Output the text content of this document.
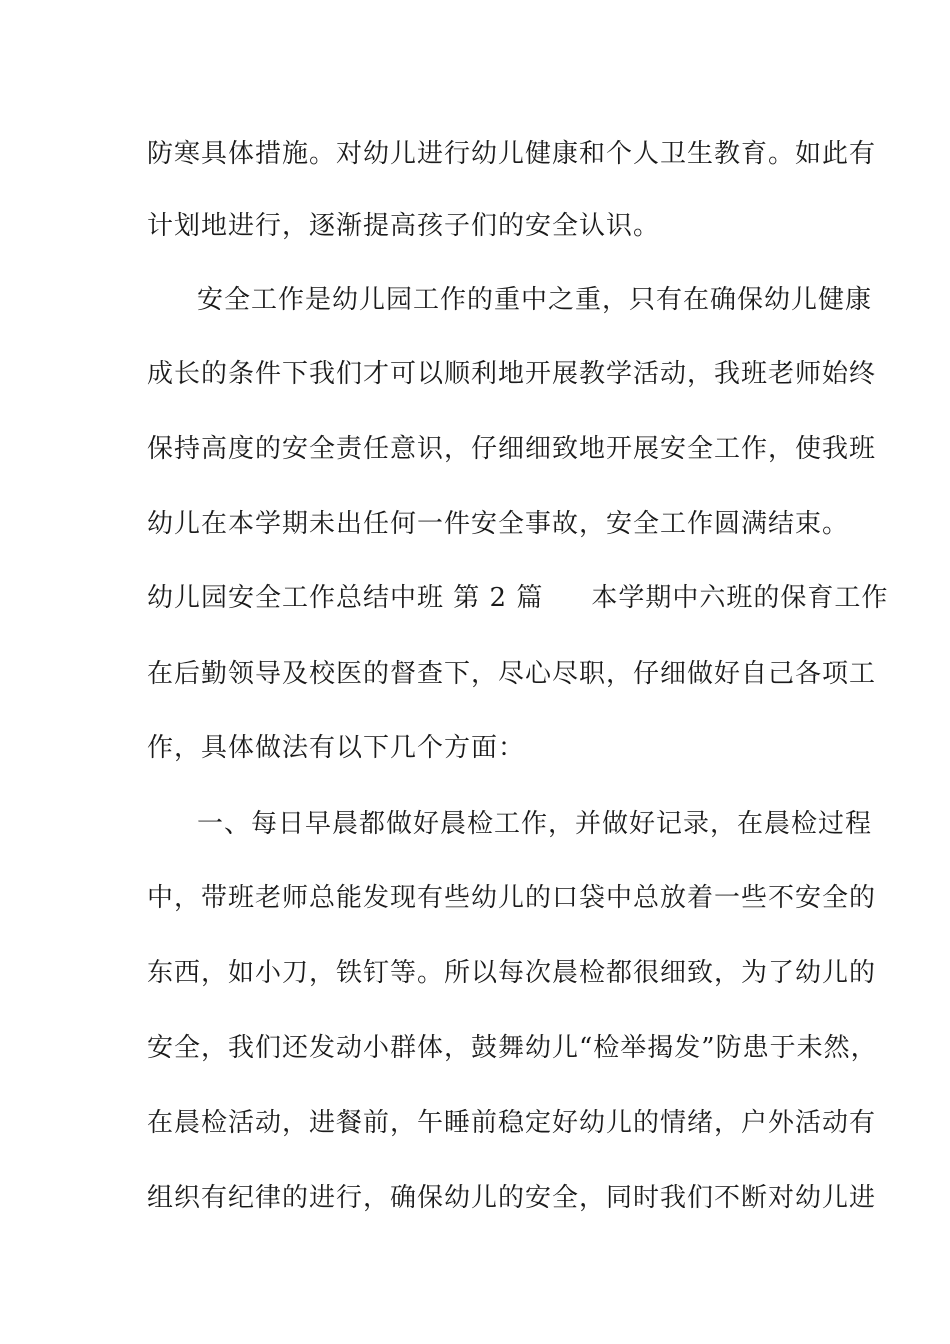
防寒具体措施。对幼儿进行幼儿健康和个人卫生教育。如此有
计划地进行，逐渐提高孩子们的安全认识。
安全工作是幼儿园工作的重中之重，只有在确保幼儿健康
成长的条件下我们才可以顺利地开展教学活动，我班老师始终
保持高度的安全责任意识，仔细细致地开展安全工作，使我班
幼儿在本学期未出任何一件安全事故，安全工作圆满结束。
幼儿园安全工作总结中班 第 2 篇 本学期中六班的保育工作
在后勤领导及校医的督查下，尽心尽职，仔细做好自己各项工
作，具体做法有以下几个方面：
一、每日早晨都做好晨检工作，并做好记录，在晨检过程
中，带班老师总能发现有些幼儿的口袋中总放着一些不安全的
东西，如小刀，铁钉等。所以每次晨检都很细致，为了幼儿的
安全，我们还发动小群体，鼓舞幼儿“检举揭发”防患于未然，
在晨检活动，进餐前，午睡前稳定好幼儿的情绪，户外活动有
组织有纪律的进行，确保幼儿的安全，同时我们不断对幼儿进
